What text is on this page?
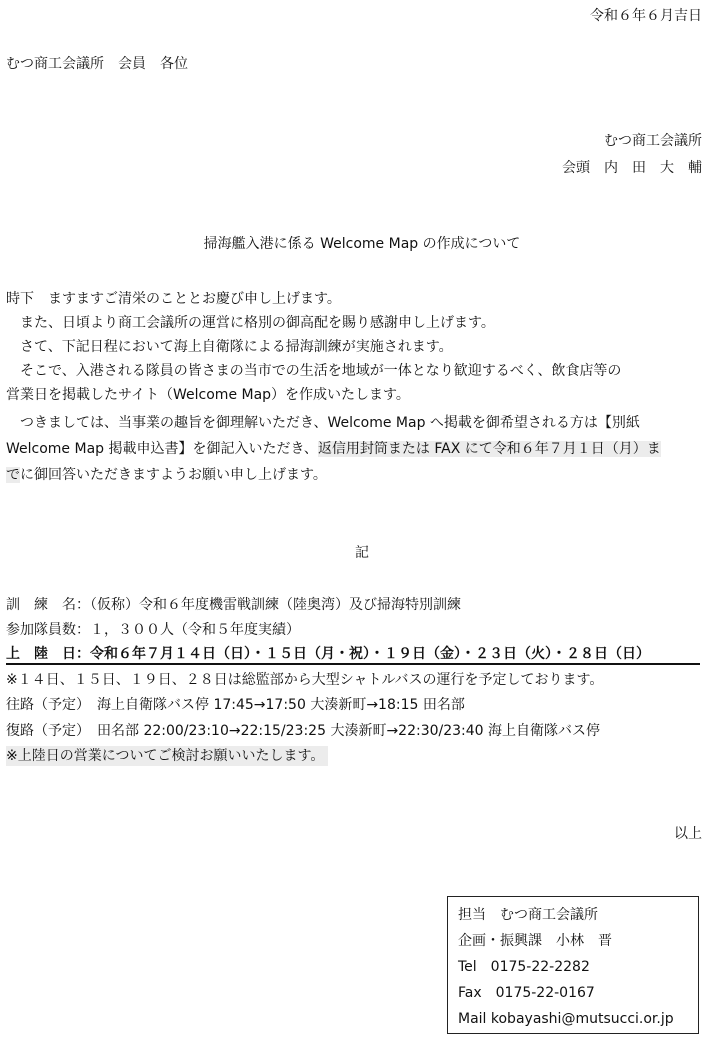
令和６年６月吉日
むつ商工会議所　会員　各位
むつ商工会議所
会頭　内　田　大　輔
掃海艦入港に係る Welcome Map の作成について
時下　ますますご清栄のこととお慶び申し上げます。
　また、日頃より商工会議所の運営に格別の御高配を賜り感謝申し上げます。
　さて、下記日程において海上自衛隊による掃海訓練が実施されます。
　そこで、入港される隊員の皆さまの当市での生活を地域が一体となり歓迎するべく、飲食店等の
営業日を掲載したサイト（Welcome Map）を作成いたします。
　つきましては、当事業の趣旨を御理解いただき、Welcome Map へ掲載を御希望される方は【別紙
Welcome Map 掲載申込書】を御記入いただき、返信用封筒または FAX にて令和６年７月１日（月）ま
でに御回答いただきますようお願い申し上げます。
記
訓　練　名：（仮称）令和６年度機雷戦訓練（陸奥湾）及び掃海特別訓練
参加隊員数：１，３００人（令和５年度実績）
上　陸　日：令和６年７月１４日（日）・１５日（月・祝）・１９日（金）・２３日（火）・２８日（日）
※１４日、１５日、１９日、２８日は総監部から大型シャトルバスの運行を予定しております。
往路（予定）　海上自衛隊バス停 17:45→17:50 大湊新町→18:15 田名部
復路（予定）　田名部 22:00/23:10→22:15/23:25 大湊新町→22:30/23:40 海上自衛隊バス停
※上陸日の営業についてご検討お願いいたします。
以上
担当　むつ商工会議所
企画・振興課　小林　晋
Tel　0175-22-2282
Fax　0175-22-0167
Mail kobayashi@mutsucci.or.jp
